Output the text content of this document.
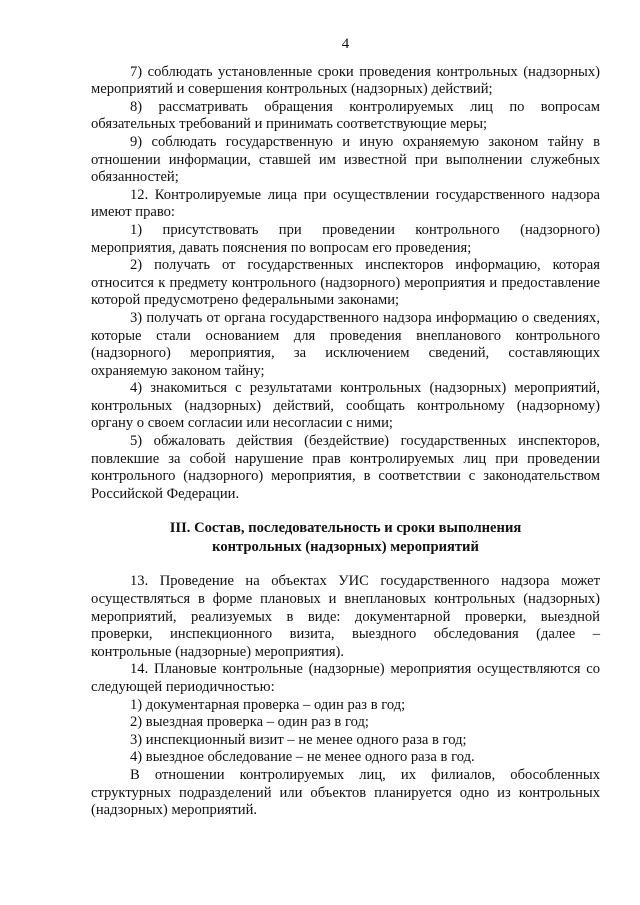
4

7) соблюдать установленные сроки проведения контрольных (надзорных) мероприятий и совершения контрольных (надзорных) действий;

8) рассматривать обращения контролируемых лиц по вопросам обязательных требований и принимать соответствующие меры;

9) соблюдать государственную и иную охраняемую законом тайну в отношении информации, ставшей им известной при выполнении служебных обязанностей;

12. Контролируемые лица при осуществлении государственного надзора имеют право:

1) присутствовать при проведении контрольного (надзорного) мероприятия, давать пояснения по вопросам его проведения;

2) получать от государственных инспекторов информацию, которая относится к предмету контрольного (надзорного) мероприятия и предоставление которой предусмотрено федеральными законами;

3) получать от органа государственного надзора информацию о сведениях, которые стали основанием для проведения внепланового контрольного (надзорного) мероприятия, за исключением сведений, составляющих охраняемую законом тайну;

4) знакомиться с результатами контрольных (надзорных) мероприятий, контрольных (надзорных) действий, сообщать контрольному (надзорному) органу о своем согласии или несогласии с ними;

5) обжаловать действия (бездействие) государственных инспекторов, повлекшие за собой нарушение прав контролируемых лиц при проведении контрольного (надзорного) мероприятия, в соответствии с законодательством Российской Федерации.

III. Состав, последовательность и сроки выполнения
контрольных (надзорных) мероприятий

13. Проведение на объектах УИС государственного надзора может осуществляться в форме плановых и внеплановых контрольных (надзорных) мероприятий, реализуемых в виде: документарной проверки, выездной проверки, инспекционного визита, выездного обследования (далее – контрольные (надзорные) мероприятия).

14. Плановые контрольные (надзорные) мероприятия осуществляются со следующей периодичностью:

1) документарная проверка – один раз в год;

2) выездная проверка – один раз в год;

3) инспекционный визит – не менее одного раза в год;

4) выездное обследование – не менее одного раза в год.

В отношении контролируемых лиц, их филиалов, обособленных структурных подразделений или объектов планируется одно из контрольных (надзорных) мероприятий.
